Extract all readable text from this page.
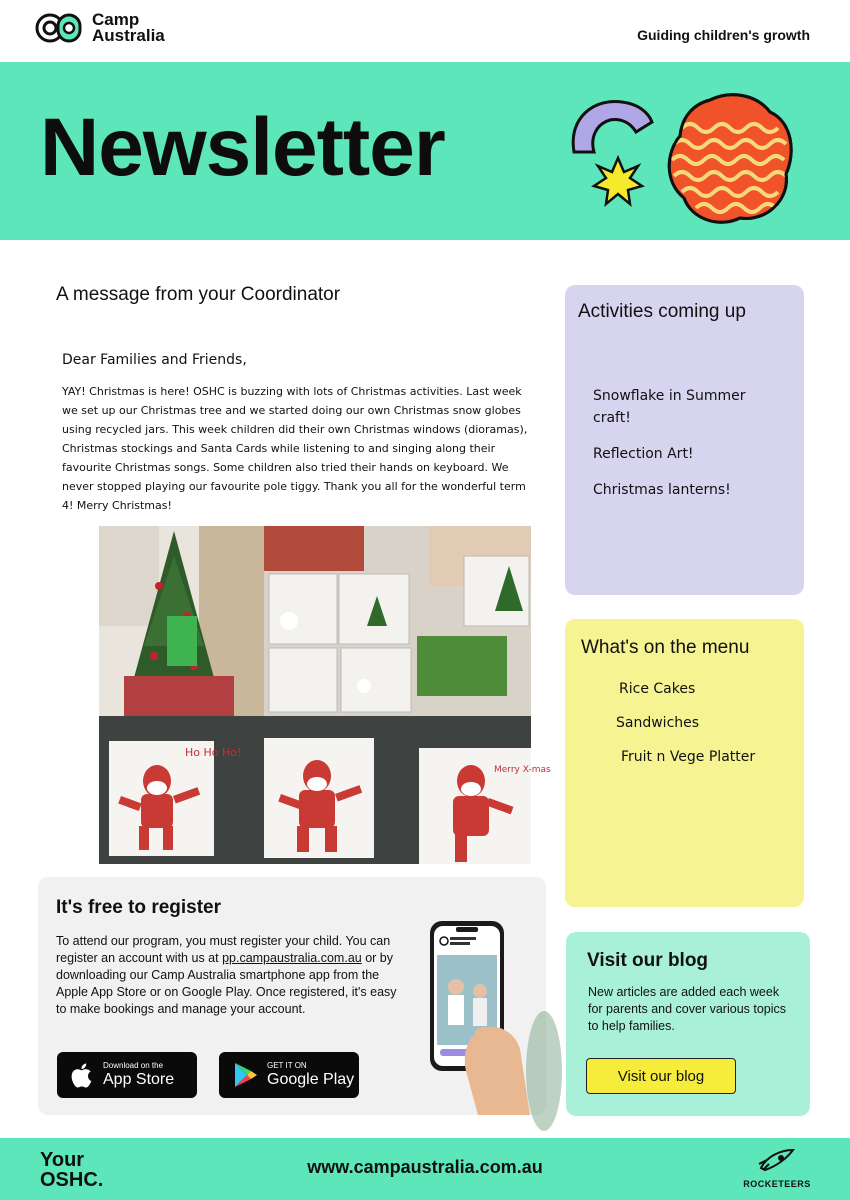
Camp
Australia	Guiding children's growth
Newsletter
A message from your Coordinator
Dear Families and Friends,
YAY! Christmas is here! OSHC is buzzing with lots of Christmas activities. Last week we set up our Christmas tree and we started doing our own Christmas snow globes using recycled jars. This week children did their own Christmas windows (dioramas), Christmas stockings and Santa Cards while listening to and singing along their favourite Christmas songs. Some children also tried their hands on keyboard. We never stopped playing our favourite pole tiggy. Thank you all for the wonderful term 4! Merry Christmas!
Ho Ho Ho!
Merry X-mas
Activities coming up
Snowflake in Summer craft!
Reflection Art!
Christmas lanterns!
What's on the menu
Rice Cakes
Sandwiches
Fruit n Vege Platter
It's free to register

To attend our program, you must register your child. You can register an account with us at pp.campaustralia.com.au or by downloading our Camp Australia smartphone app from the Apple App Store or on Google Play. Once registered, it's easy to make bookings and manage your account.

Download on the
App Store
GET IT ON
Google Play
Visit our blog

New articles are added each week for parents and cover various topics to help families.

Visit our blog
Your
OSHC.
www.campaustralia.com.au
ROCKETEERS
